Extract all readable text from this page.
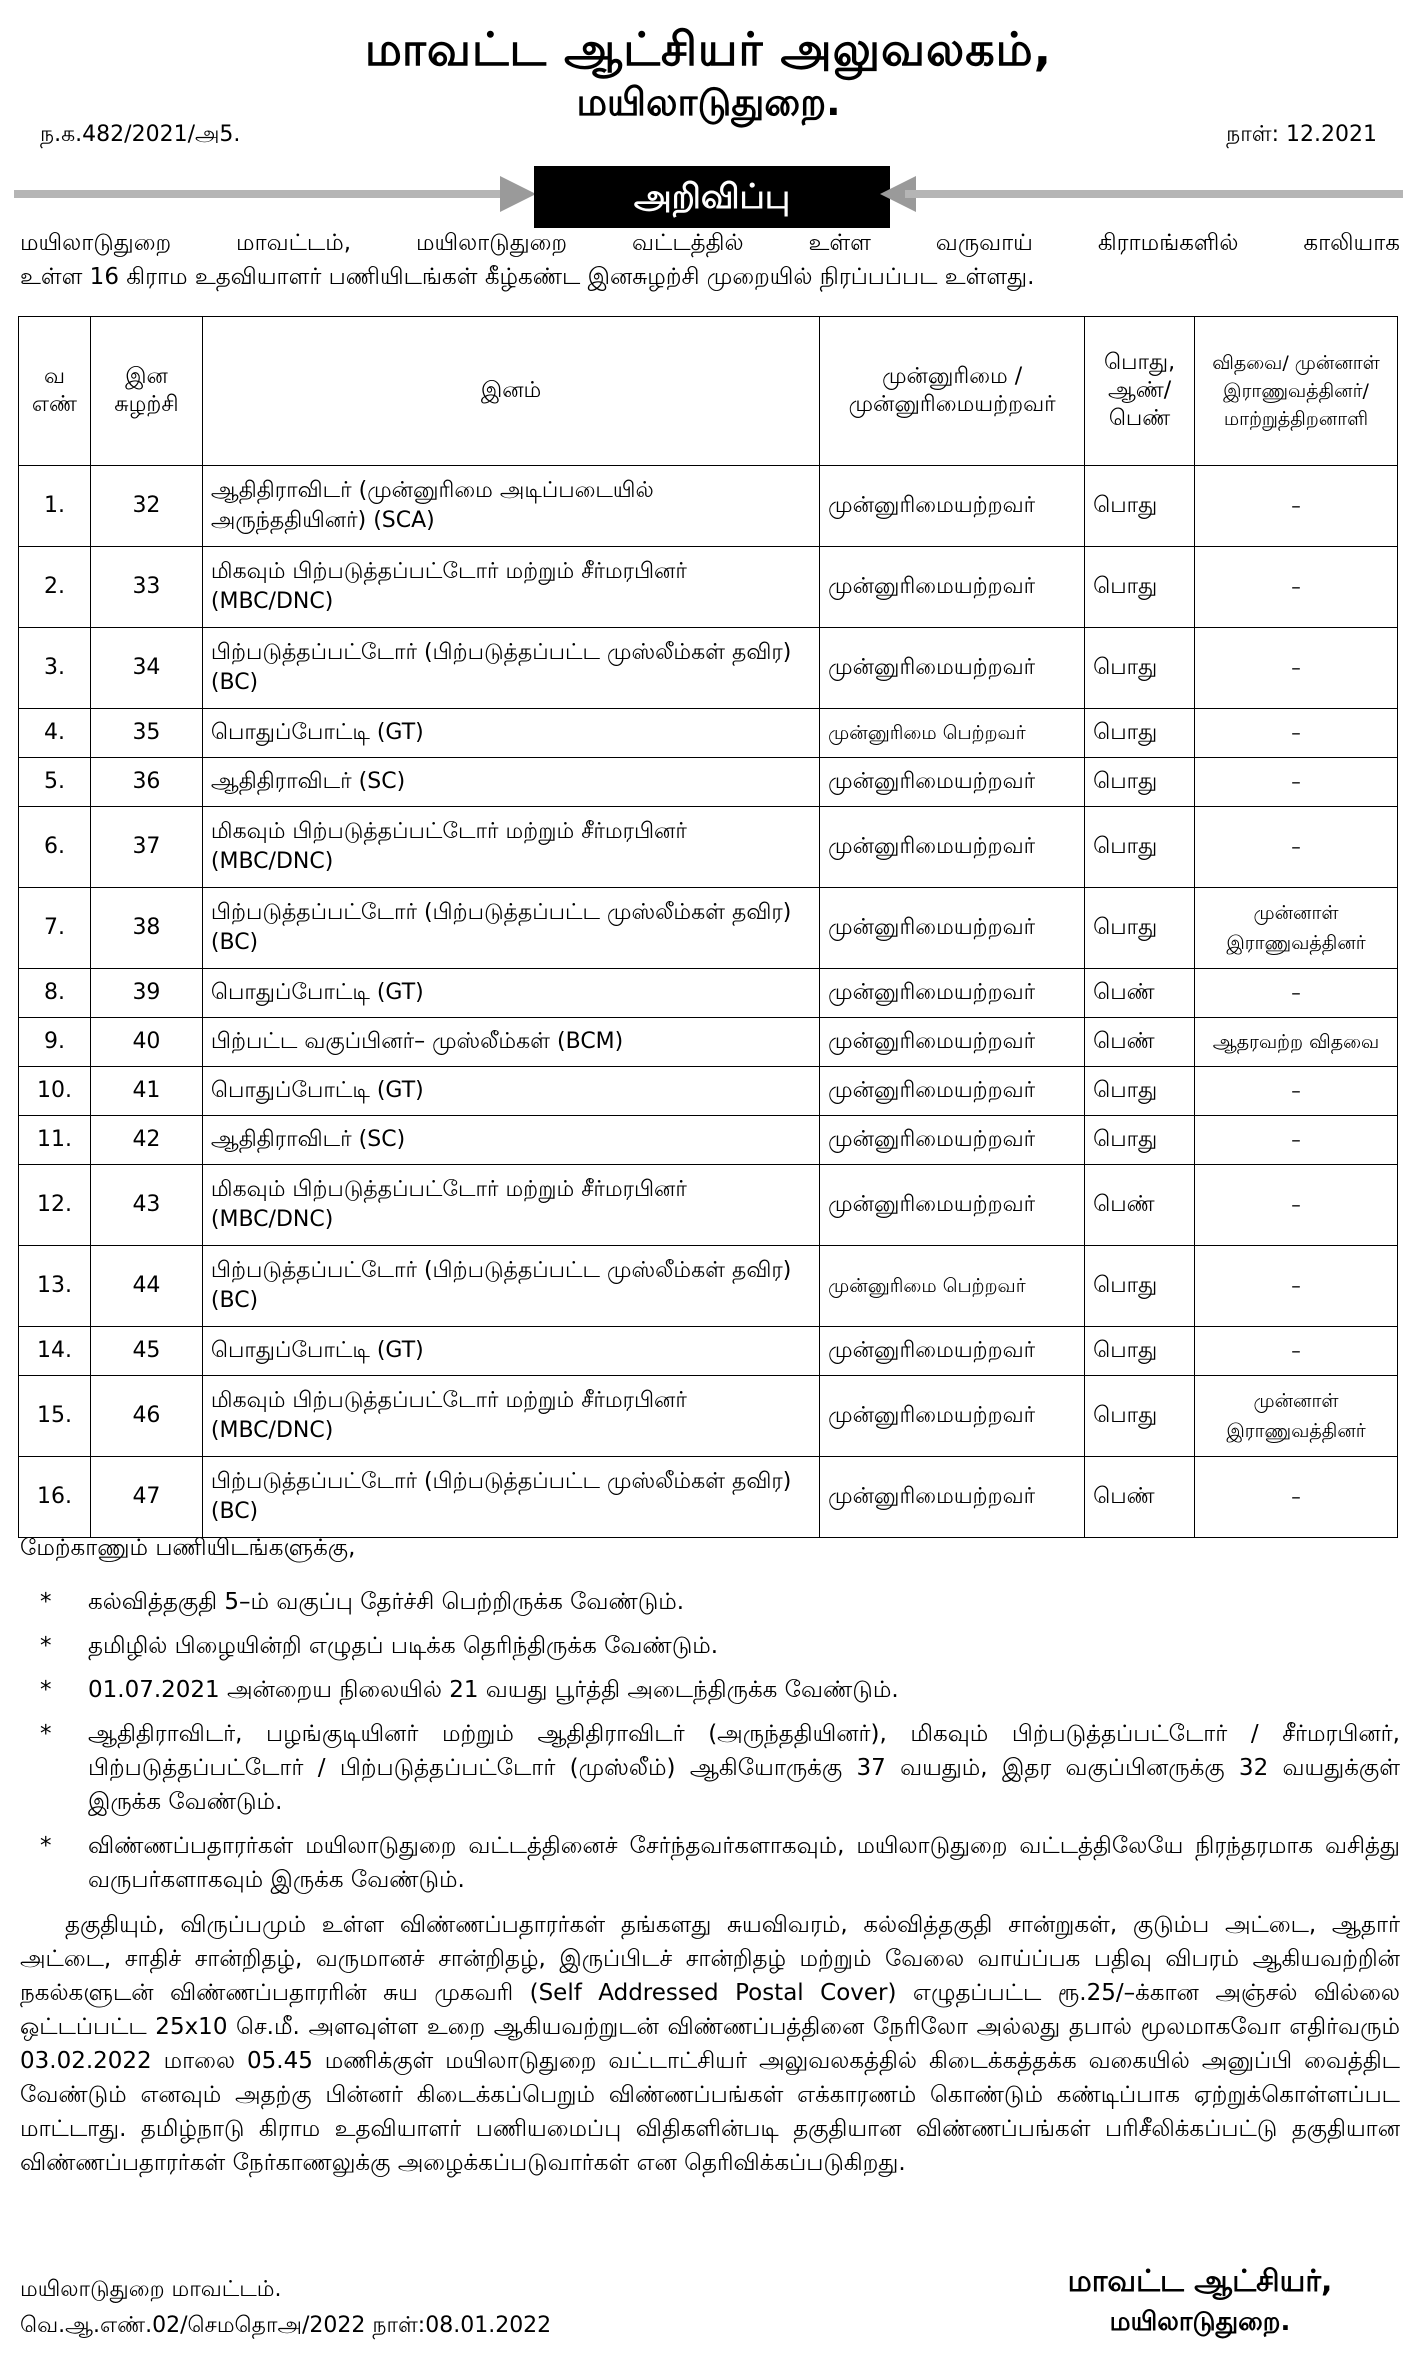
மாவட்ட ஆட்சியர் அலுவலகம்,
மயிலாடுதுறை.
ந.க.482/2021/அ5.	நாள்: 12.2021
அறிவிப்பு
மயிலாடுதுறை மாவட்டம், மயிலாடுதுறை வட்டத்தில் உள்ள வருவாய் கிராமங்களில் காலியாக
உள்ள 16 கிராம உதவியாளர் பணியிடங்கள் கீழ்கண்ட இனசுழற்சி முறையில் நிரப்பப்பட உள்ளது.
வ எண்	இன சுழற்சி	இனம்	முன்னுரிமை / முன்னுரிமையற்றவர்	பொது, ஆண்/ பெண்	விதவை/ முன்னாள் இராணுவத்தினர்/ மாற்றுத்திறனாளி
1.	32	ஆதிதிராவிடர் (முன்னுரிமை அடிப்படையில் அருந்ததியினர்) (SCA)	முன்னுரிமையற்றவர்	பொது	–
2.	33	மிகவும் பிற்படுத்தப்பட்டோர் மற்றும் சீர்மரபினர் (MBC/DNC)	முன்னுரிமையற்றவர்	பொது	–
3.	34	பிற்படுத்தப்பட்டோர் (பிற்படுத்தப்பட்ட முஸ்லீம்கள் தவிர) (BC)	முன்னுரிமையற்றவர்	பொது	–
4.	35	பொதுப்போட்டி (GT)	முன்னுரிமை பெற்றவர்	பொது	–
5.	36	ஆதிதிராவிடர் (SC)	முன்னுரிமையற்றவர்	பொது	–
6.	37	மிகவும் பிற்படுத்தப்பட்டோர் மற்றும் சீர்மரபினர் (MBC/DNC)	முன்னுரிமையற்றவர்	பொது	–
7.	38	பிற்படுத்தப்பட்டோர் (பிற்படுத்தப்பட்ட முஸ்லீம்கள் தவிர) (BC)	முன்னுரிமையற்றவர்	பொது	முன்னாள் இராணுவத்தினர்
8.	39	பொதுப்போட்டி (GT)	முன்னுரிமையற்றவர்	பெண்	–
9.	40	பிற்பட்ட வகுப்பினர்– முஸ்லீம்கள் (BCM)	முன்னுரிமையற்றவர்	பெண்	ஆதரவற்ற விதவை
10.	41	பொதுப்போட்டி (GT)	முன்னுரிமையற்றவர்	பொது	–
11.	42	ஆதிதிராவிடர் (SC)	முன்னுரிமையற்றவர்	பொது	–
12.	43	மிகவும் பிற்படுத்தப்பட்டோர் மற்றும் சீர்மரபினர் (MBC/DNC)	முன்னுரிமையற்றவர்	பெண்	–
13.	44	பிற்படுத்தப்பட்டோர் (பிற்படுத்தப்பட்ட முஸ்லீம்கள் தவிர) (BC)	முன்னுரிமை பெற்றவர்	பொது	–
14.	45	பொதுப்போட்டி (GT)	முன்னுரிமையற்றவர்	பொது	–
15.	46	மிகவும் பிற்படுத்தப்பட்டோர் மற்றும் சீர்மரபினர் (MBC/DNC)	முன்னுரிமையற்றவர்	பொது	முன்னாள் இராணுவத்தினர்
16.	47	பிற்படுத்தப்பட்டோர் (பிற்படுத்தப்பட்ட முஸ்லீம்கள் தவிர) (BC)	முன்னுரிமையற்றவர்	பெண்	–
மேற்காணும் பணியிடங்களுக்கு,
* கல்வித்தகுதி 5–ம் வகுப்பு தேர்ச்சி பெற்றிருக்க வேண்டும்.
* தமிழில் பிழையின்றி எழுதப் படிக்க தெரிந்திருக்க வேண்டும்.
* 01.07.2021 அன்றைய நிலையில் 21 வயது பூர்த்தி அடைந்திருக்க வேண்டும்.
* ஆதிதிராவிடர், பழங்குடியினர் மற்றும் ஆதிதிராவிடர் (அருந்ததியினர்), மிகவும் பிற்படுத்தப்பட்டோர் / சீர்மரபினர், பிற்படுத்தப்பட்டோர் / பிற்படுத்தப்பட்டோர் (முஸ்லீம்) ஆகியோருக்கு 37 வயதும், இதர வகுப்பினருக்கு 32 வயதுக்குள் இருக்க வேண்டும்.
* விண்ணப்பதாரர்கள் மயிலாடுதுறை வட்டத்தினைச் சேர்ந்தவர்களாகவும், மயிலாடுதுறை வட்டத்திலேயே நிரந்தரமாக வசித்து வருபர்களாகவும் இருக்க வேண்டும்.
தகுதியும், விருப்பமும் உள்ள விண்ணப்பதாரர்கள் தங்களது சுயவிவரம், கல்வித்தகுதி சான்றுகள், குடும்ப அட்டை, ஆதார் அட்டை, சாதிச் சான்றிதழ், வருமானச் சான்றிதழ், இருப்பிடச் சான்றிதழ் மற்றும் வேலை வாய்ப்பக பதிவு விபரம் ஆகியவற்றின் நகல்களுடன் விண்ணப்பதாரரின் சுய முகவரி (Self Addressed Postal Cover) எழுதப்பட்ட ரூ.25/–க்கான அஞ்சல் வில்லை ஒட்டப்பட்ட 25x10 செ.மீ. அளவுள்ள உறை ஆகியவற்றுடன் விண்ணப்பத்தினை நேரிலோ அல்லது தபால் மூலமாகவோ எதிர்வரும் 03.02.2022 மாலை 05.45 மணிக்குள் மயிலாடுதுறை வட்டாட்சியர் அலுவலகத்தில் கிடைக்கத்தக்க வகையில் அனுப்பி வைத்திட வேண்டும் எனவும் அதற்கு பின்னர் கிடைக்கப்பெறும் விண்ணப்பங்கள் எக்காரணம் கொண்டும் கண்டிப்பாக ஏற்றுக்கொள்ளப்பட மாட்டாது. தமிழ்நாடு கிராம உதவியாளர் பணியமைப்பு விதிகளின்படி தகுதியான விண்ணப்பங்கள் பரிசீலிக்கப்பட்டு தகுதியான விண்ணப்பதாரர்கள் நேர்காணலுக்கு அழைக்கப்படுவார்கள் என தெரிவிக்கப்படுகிறது.
மயிலாடுதுறை மாவட்டம்.
வெ.ஆ.எண்.02/செமதொஅ/2022 நாள்:08.01.2022
மாவட்ட ஆட்சியர்,
மயிலாடுதுறை.
